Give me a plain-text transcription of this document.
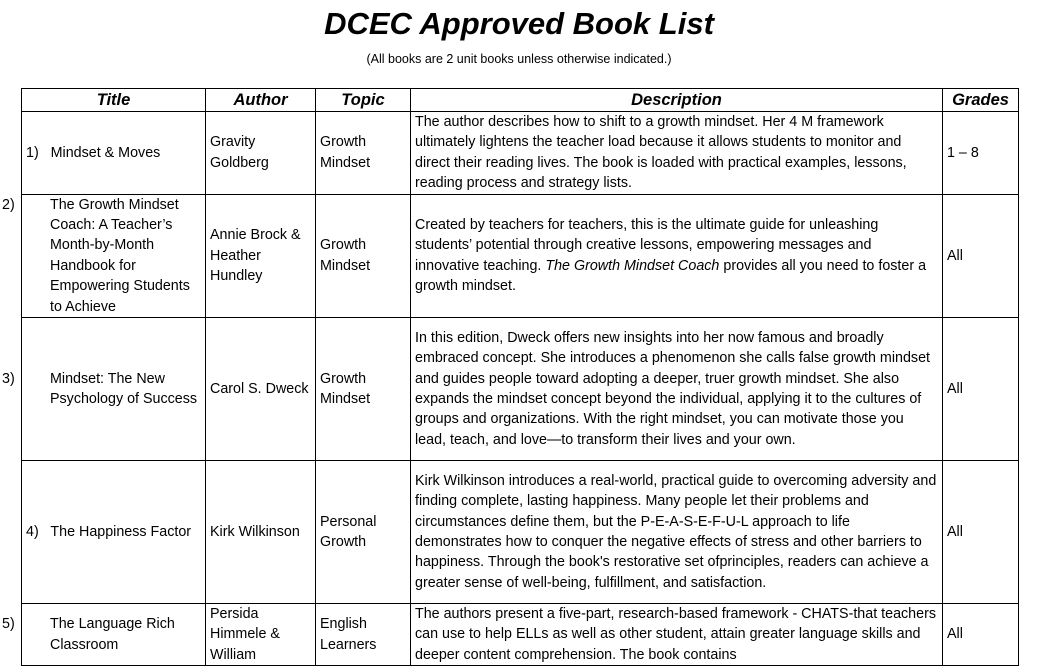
DCEC Approved Book List

(All books are 2 unit books unless otherwise indicated.)

Title	Author	Topic	Description	Grades
1) Mindset & Moves	Gravity Goldberg	Growth Mindset	The author describes how to shift to a growth mindset. Her 4 M framework ultimately lightens the teacher load because it allows students to monitor and direct their reading lives. The book is loaded with practical examples, lessons, reading process and strategy lists.	1 – 8

2) The Growth Mindset Coach: A Teacher’s Month-by-Month Handbook for Empowering Students to Achieve	Annie Brock & Heather Hundley	Growth Mindset	Created by teachers for teachers, this is the ultimate guide for unleashing students’ potential through creative lessons, empowering messages and innovative teaching. The Growth Mindset Coach provides all you need to foster a growth mindset.	All

3) Mindset: The New Psychology of Success	Carol S. Dweck	Growth Mindset	In this edition, Dweck offers new insights into her now famous and broadly embraced concept. She introduces a phenomenon she calls false growth mindset and guides people toward adopting a deeper, truer growth mindset. She also expands the mindset concept beyond the individual, applying it to the cultures of groups and organizations. With the right mindset, you can motivate those you lead, teach, and love—to transform their lives and your own.	All
4) The Happiness Factor	Kirk Wilkinson	Personal Growth	Kirk Wilkinson introduces a real-world, practical guide to overcoming adversity and finding complete, lasting happiness. Many people let their problems and circumstances define them, but the P-E-A-S-E-F-U-L approach to life demonstrates how to conquer the negative effects of stress and other barriers to happiness. Through the book's restorative set ofprinciples, readers can achieve a greater sense of well-being, fulfillment, and satisfaction.	All

5) The Language Rich Classroom	Persida Himmele & William	English Learners	The authors present a five-part, research-based framework - CHATS-that teachers can use to help ELLs as well as other student, attain greater language skills and deeper content comprehension. The book contains	All
